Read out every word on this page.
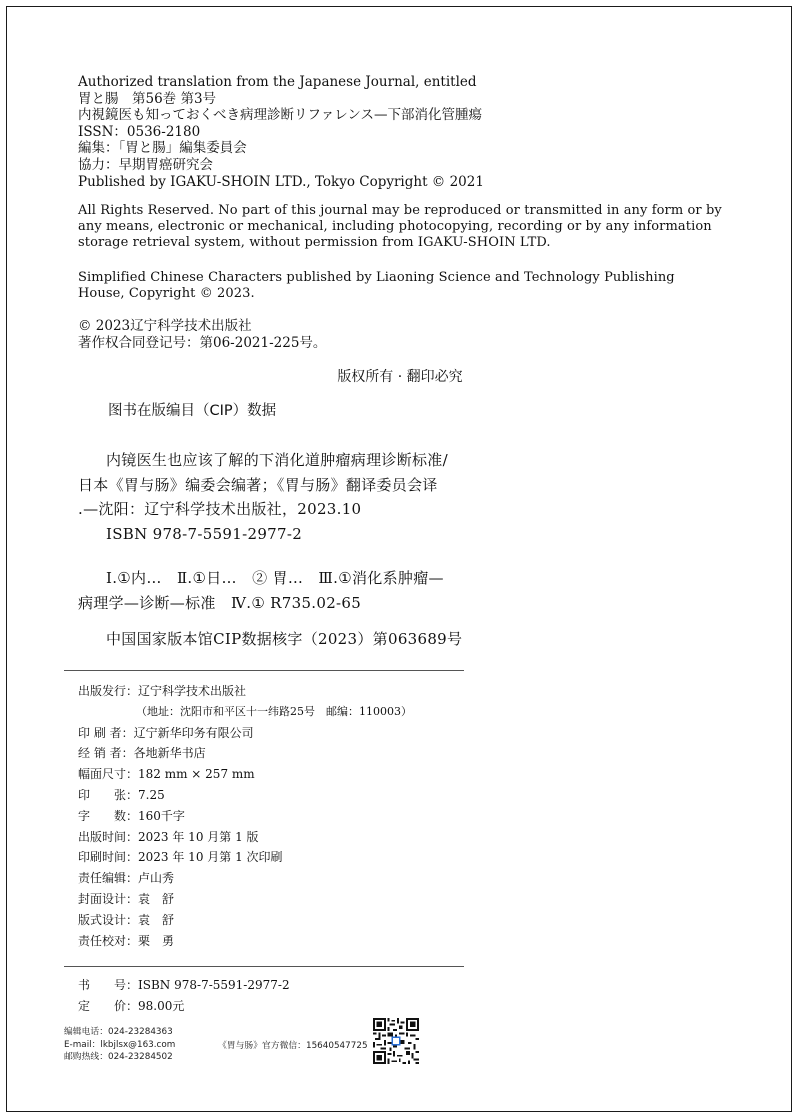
Authorized translation from the Japanese Journal, entitled
胃と腸　第56巻 第3号
内視鏡医も知っておくべき病理診断リファレンス—下部消化管腫瘍
ISSN：0536-2180
編集：「胃と腸」編集委員会
協力：早期胃癌研究会
Published by IGAKU-SHOIN LTD., Tokyo Copyright © 2021
All Rights Reserved. No part of this journal may be reproduced or transmitted in any form or by
any means, electronic or mechanical, including photocopying, recording or by any information
storage retrieval system, without permission from IGAKU-SHOIN LTD.
Simplified Chinese Characters published by Liaoning Science and Technology Publishing
House, Copyright © 2023.
© 2023辽宁科学技术出版社
著作权合同登记号：第06-2021-225号。
版权所有 · 翻印必究
图书在版编目（CIP）数据
内镜医生也应该了解的下消化道肿瘤病理诊断标准/
日本《胃与肠》编委会编著；《胃与肠》翻译委员会译
.—沈阳：辽宁科学技术出版社，2023.10
ISBN 978-7-5591-2977-2
Ⅰ.①内…　Ⅱ.①日…　② 胃…　Ⅲ.①消化系肿瘤—
病理学—诊断—标准　Ⅳ.① R735.02-65
中国国家版本馆CIP数据核字（2023）第063689号
出版发行：辽宁科学技术出版社
（地址：沈阳市和平区十一纬路25号　邮编：110003）
印 刷 者：辽宁新华印务有限公司
经 销 者：各地新华书店
幅面尺寸：182 mm × 257 mm
印　　张：7.25
字　　数：160千字
出版时间：2023 年 10 月第 1 版
印刷时间：2023 年 10 月第 1 次印刷
责任编辑：卢山秀
封面设计：袁　舒
版式设计：袁　舒
责任校对：栗　勇
书　　号：ISBN 978-7-5591-2977-2
定　　价：98.00元
编辑电话：024-23284363
E-mail：lkbjlsx@163.com
邮购热线：024-23284502
《胃与肠》官方微信：15640547725
